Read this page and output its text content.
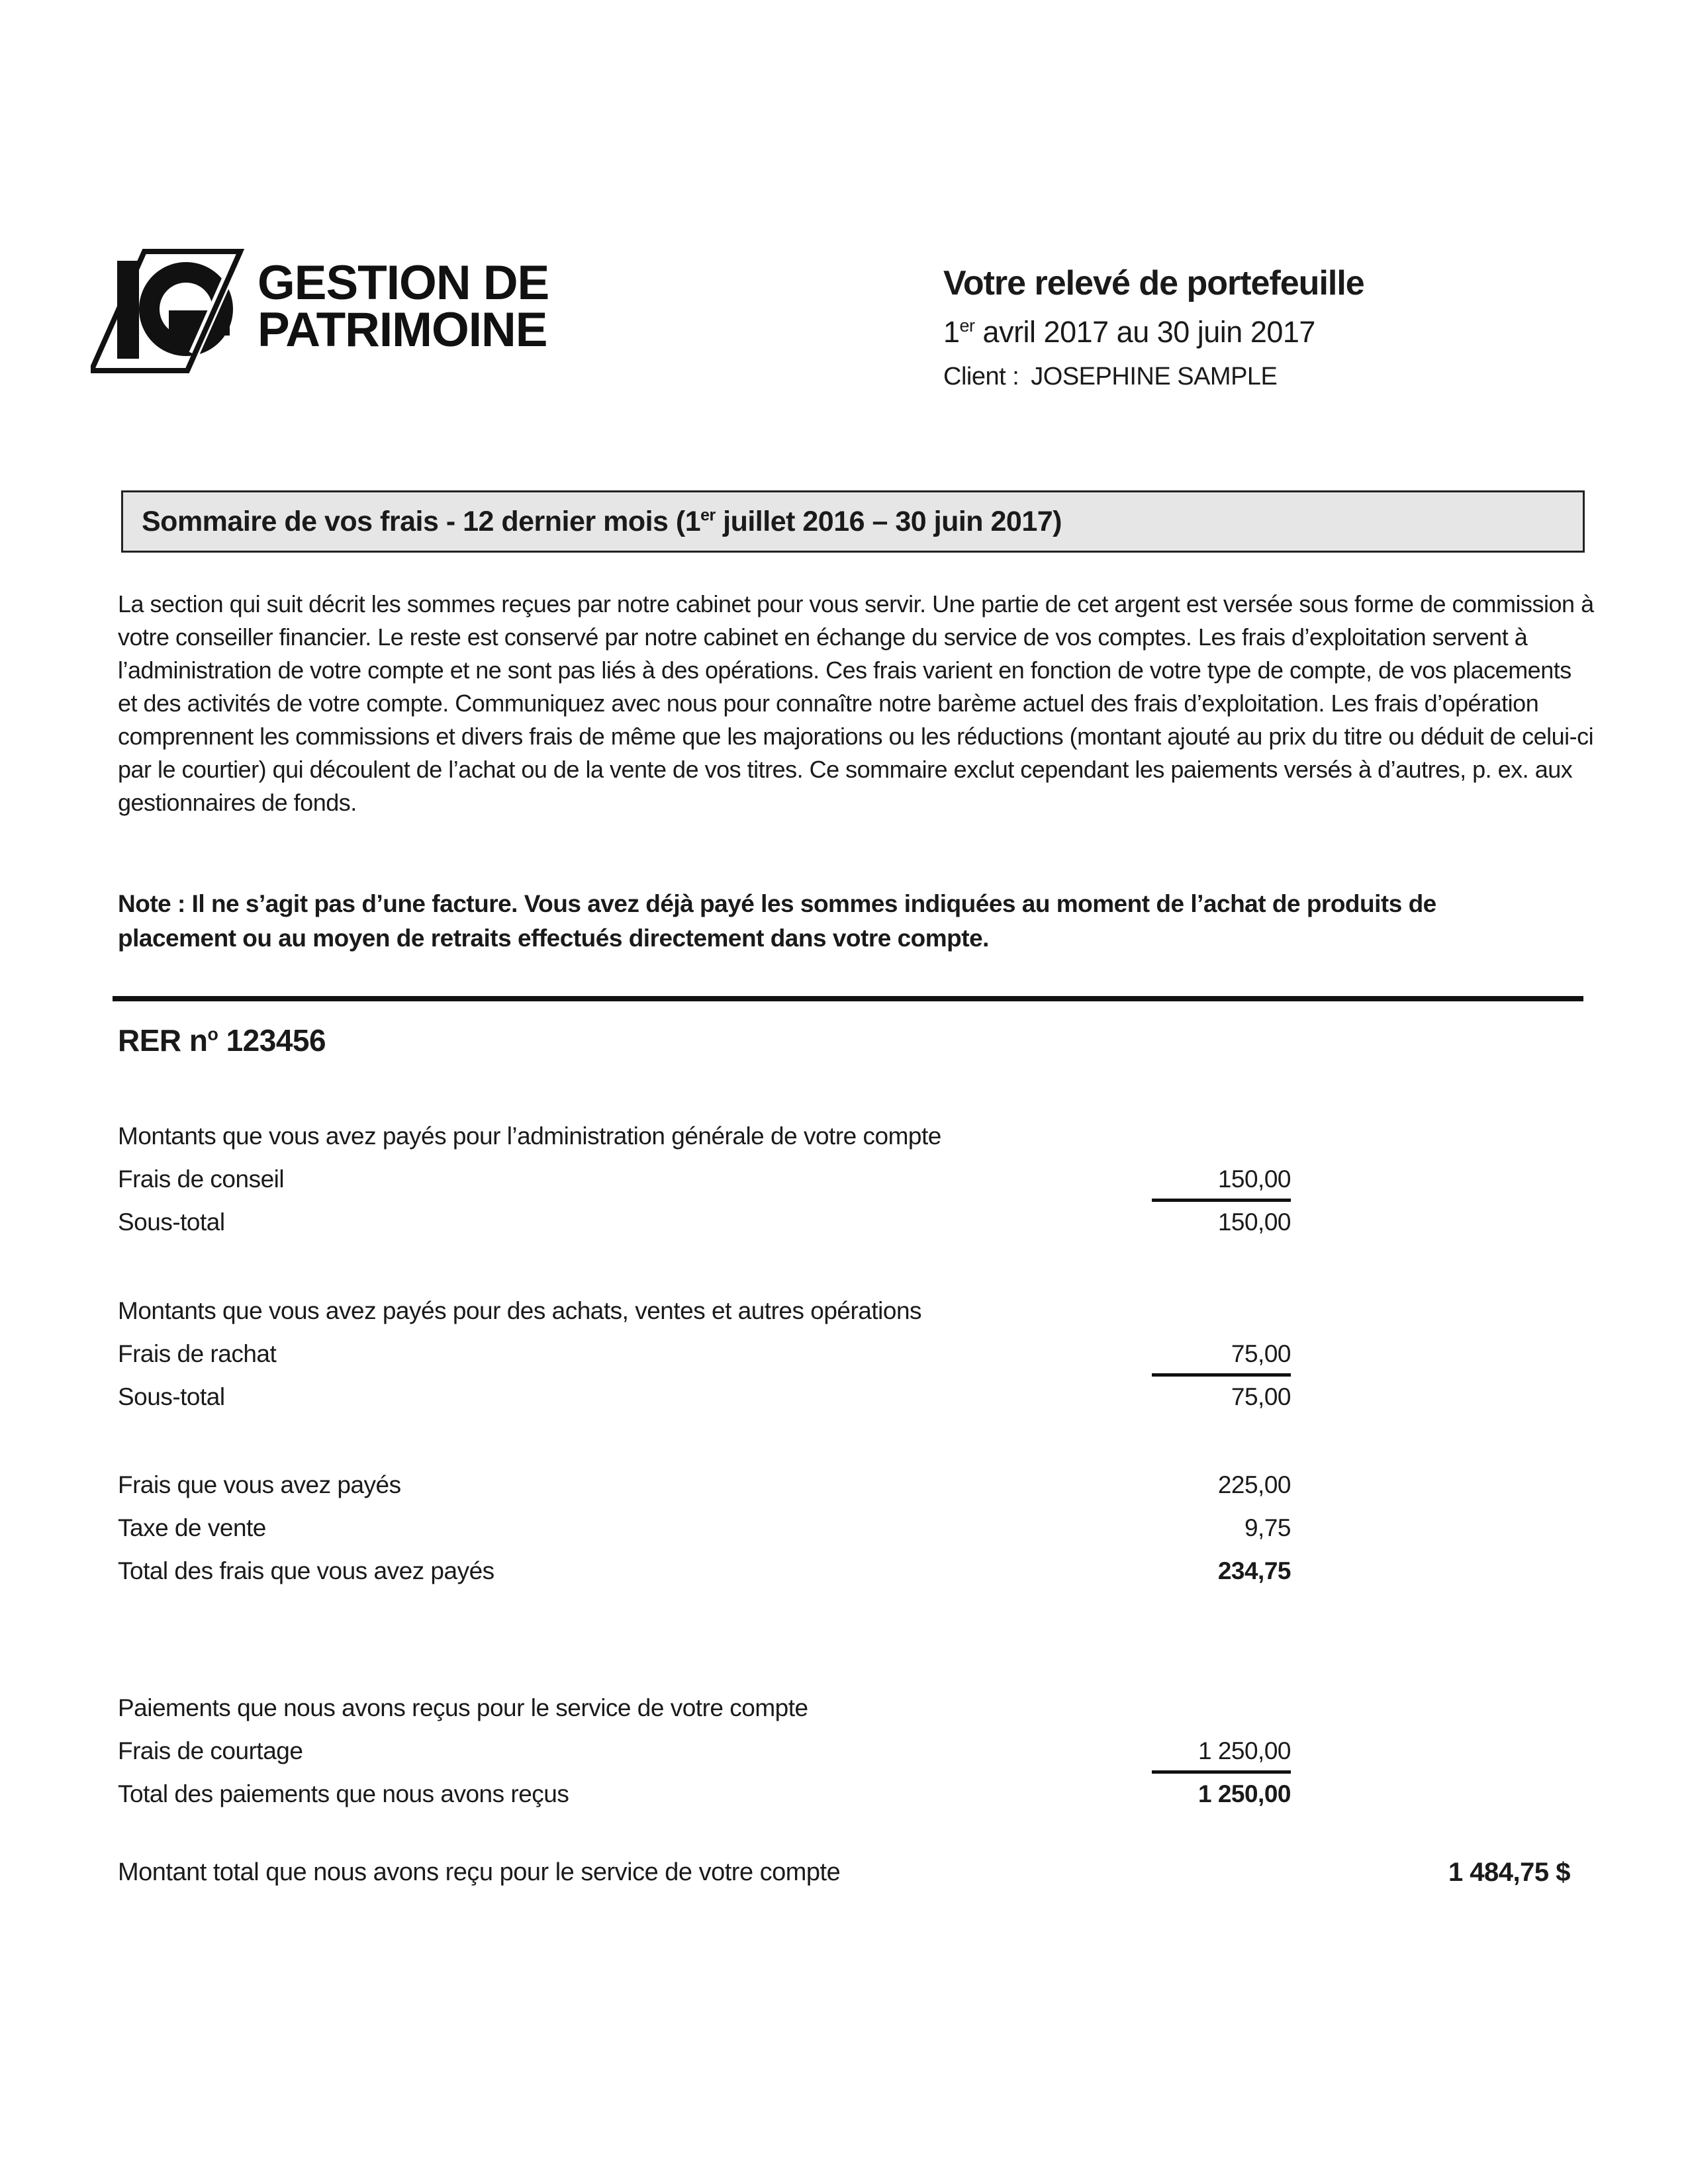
GESTION DE
PATRIMOINE
Votre relevé de portefeuille
1er avril 2017 au 30 juin 2017
Client : JOSEPHINE SAMPLE
Sommaire de vos frais - 12 dernier mois (1er juillet 2016 – 30 juin 2017)

La section qui suit décrit les sommes reçues par notre cabinet pour vous servir. Une partie de cet argent est versée sous forme de commission à votre conseiller financier. Le reste est conservé par notre cabinet en échange du service de vos comptes. Les frais d’exploitation servent à l’administration de votre compte et ne sont pas liés à des opérations. Ces frais varient en fonction de votre type de compte, de vos placements et des activités de votre compte. Communiquez avec nous pour connaître notre barème actuel des frais d’exploitation. Les frais d’opération comprennent les commissions et divers frais de même que les majorations ou les réductions (montant ajouté au prix du titre ou déduit de celui-ci par le courtier) qui découlent de l’achat ou de la vente de vos titres. Ce sommaire exclut cependant les paiements versés à d’autres, p. ex. aux gestionnaires de fonds.

Note : Il ne s’agit pas d’une facture. Vous avez déjà payé les sommes indiquées au moment de l’achat de produits de placement ou au moyen de retraits effectués directement dans votre compte.

RER $n^o$ 123456
Montants que vous avez payés pour l’administration générale de votre compte
Frais de conseil	150,00
Sous-total	150,00
Montants que vous avez payés pour des achats, ventes et autres opérations
Frais de rachat	75,00
Sous-total	75,00
Frais que vous avez payés	225,00
Taxe de vente	9,75
Total des frais que vous avez payés	234,75
Paiements que nous avons reçus pour le service de votre compte
Frais de courtage	1 250,00
Total des paiements que nous avons reçus	1 250,00
Montant total que nous avons reçu pour le service de votre compte	1 484,75 $
